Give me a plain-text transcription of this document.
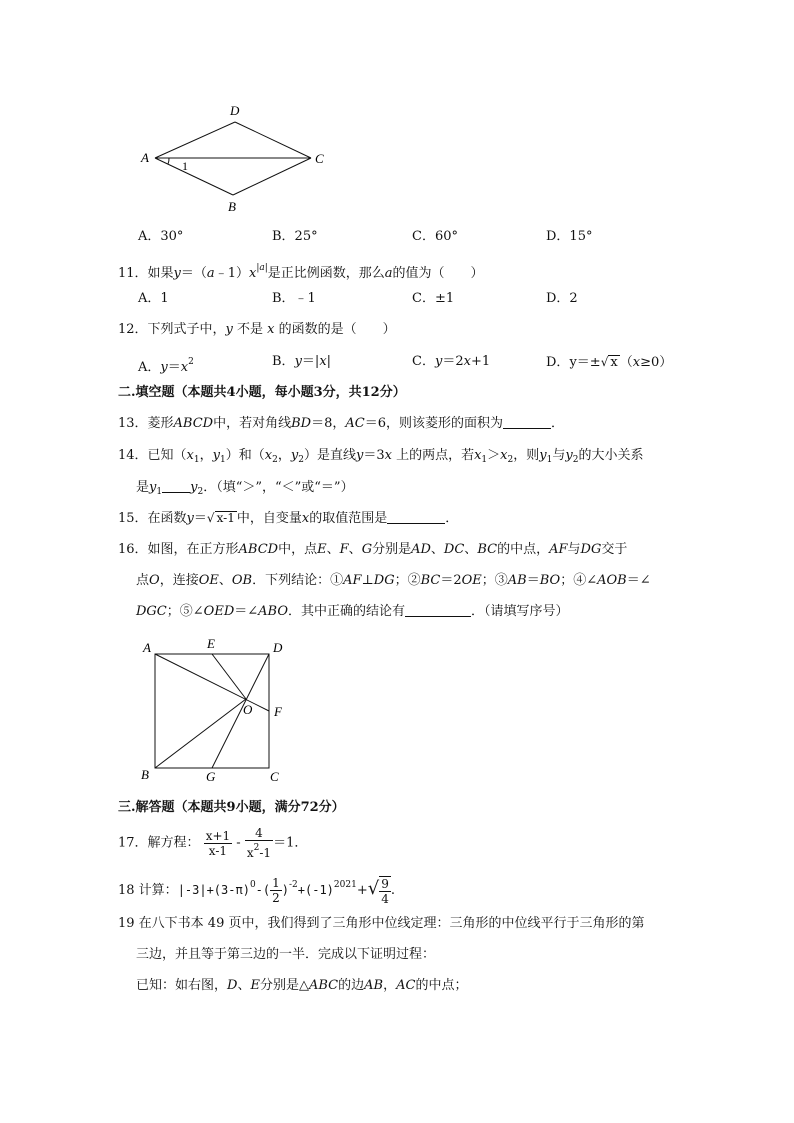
A
D
C
B
1
A．30°	B．25°	C．60°	D．15°
11．如果$y=(a﹣1)x^{|a|}$是正比例函数，那么a的值为（　　）
A．1	B．﹣1	C．±1	D．2
12．下列式子中，y 不是 x 的函数的是（　　）
A．$y=x^2$	B．y＝|x|	C．y＝2x+1	D．y＝±√ x （x≥0）
二.填空题（本题共4小题，每小题3分，共12分）
13．菱形ABCD中，若对角线BD＝8，AC＝6，则该菱形的面积为	．
14．已知（$x_1$，$y_1$）和（$x_2$，$y_2$）是直线y＝3x 上的两点，若$x_1>x_2$，则$y_1$与$y_2$的大小关系
是$y_1$ $y_2$．（填“＞”，“＜”或“＝”）
15．在函数y＝√ x-1 中，自变量x的取值范围是	．
16．如图，在正方形ABCD中，点E、F、G分别是AD、DC、BC的中点，AF与DG交于
点O，连接OE、OB．下列结论：①AF⊥DG；②BC＝2OE；③AB＝BO；④∠AOB＝∠
DGC；⑤∠OED＝∠ABO．其中正确的结论有	．（请填写序号）
A	E	D
O F
B	G	C
三.解答题（本题共9小题，满分72分）
17．解方程： $\frac{x+1}{x-1} - \frac{4}{x^2-1} =1$．
18 计算：$|-3|+(3-\pi)^0-( \frac{1}{2} )^{-2}+(-1)^{2021}+√ \frac{9}{4}$ .
19 在八下书本 49 页中，我们得到了三角形中位线定理：三角形的中位线平行于三角形的第
三边，并且等于第三边的一半．完成以下证明过程：
已知：如右图，D、E分别是△ABC的边AB，AC的中点；
